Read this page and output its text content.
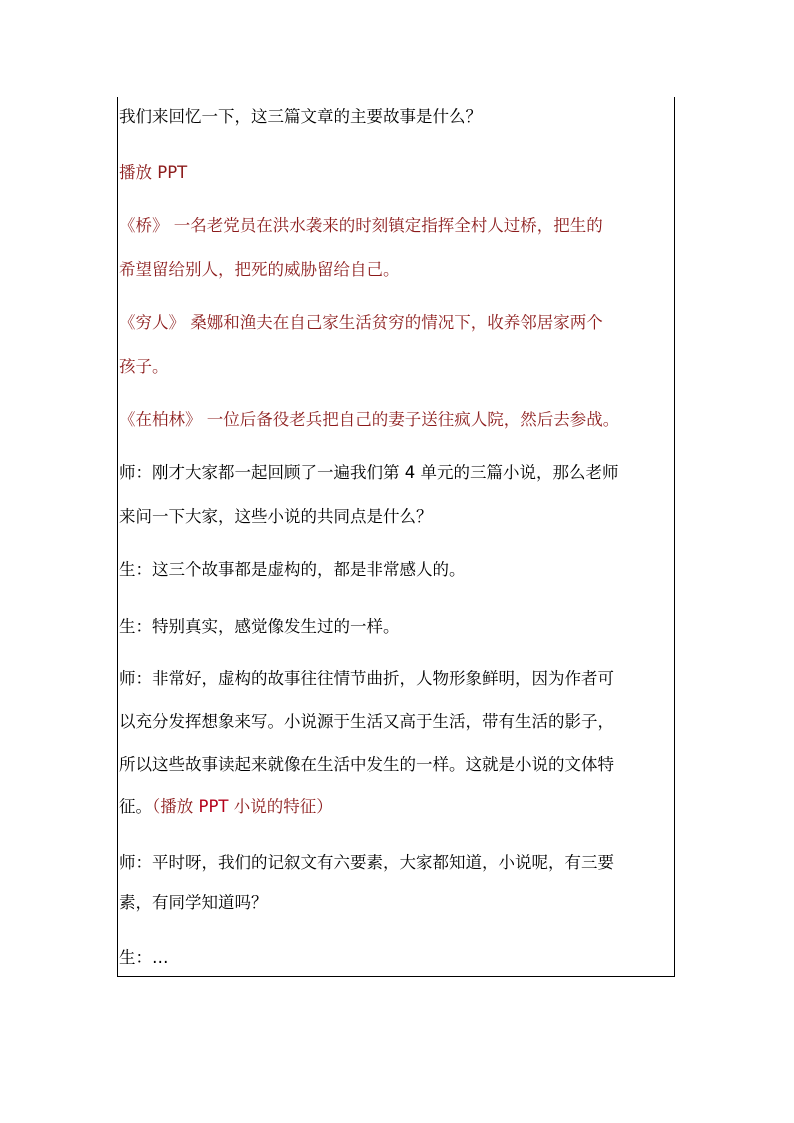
我们来回忆一下，这三篇文章的主要故事是什么？
播放 PPT
《桥》 一名老党员在洪水袭来的时刻镇定指挥全村人过桥，把生的
希望留给别人，把死的威胁留给自己。
《穷人》 桑娜和渔夫在自己家生活贫穷的情况下，收养邻居家两个
孩子。
《在柏林》 一位后备役老兵把自己的妻子送往疯人院，然后去参战。
师：刚才大家都一起回顾了一遍我们第 4 单元的三篇小说，那么老师
来问一下大家，这些小说的共同点是什么？
生：这三个故事都是虚构的，都是非常感人的。
生：特别真实，感觉像发生过的一样。
师：非常好，虚构的故事往往情节曲折，人物形象鲜明，因为作者可
以充分发挥想象来写。小说源于生活又高于生活，带有生活的影子，
所以这些故事读起来就像在生活中发生的一样。这就是小说的文体特
征。（播放 PPT 小说的特征）
师：平时呀，我们的记叙文有六要素，大家都知道，小说呢，有三要
素，有同学知道吗？
生：…
